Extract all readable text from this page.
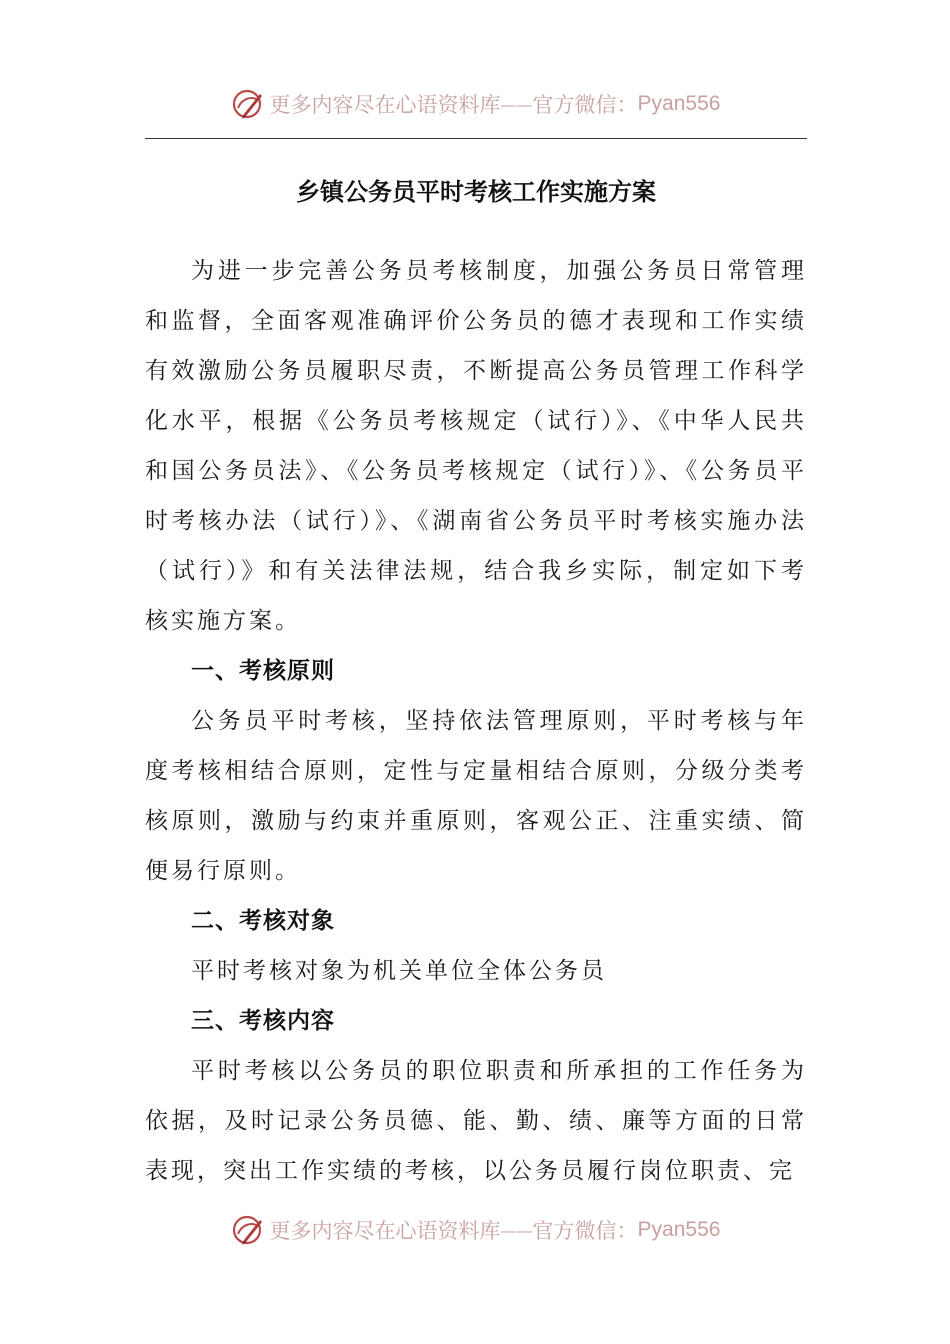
更多内容尽在心语资料库 —— 官方微信： Pyan556
乡镇公务员平时考核工作实施方案

为进一步完善公务员考核制度，加强公务员日常管理和监督，全面客观准确评价公务员的德才表现和工作实绩有效激励公务员履职尽责，不断提高公务员管理工作科学化水平，根据《公务员考核规定（试行）》、《中华人民共和国公务员法》、《公务员考核规定（试行）》、《公务员平时考核办法（试行）》、《湖南省公务员平时考核实施办法（试行）》和有关法律法规，结合我乡实际，制定如下考核实施方案。

一、考核原则

公务员平时考核，坚持依法管理原则，平时考核与年度考核相结合原则，定性与定量相结合原则，分级分类考核原则，激励与约束并重原则，客观公正、注重实绩、简便易行原则。

二、考核对象

平时考核对象为机关单位全体公务员

三、考核内容

平时考核以公务员的职位职责和所承担的工作任务为依据，及时记录公务员德、能、勤、绩、廉等方面的日常表现，突出工作实绩的考核，以公务员履行岗位职责、完

更多内容尽在心语资料库 —— 官方微信： Pyan556
